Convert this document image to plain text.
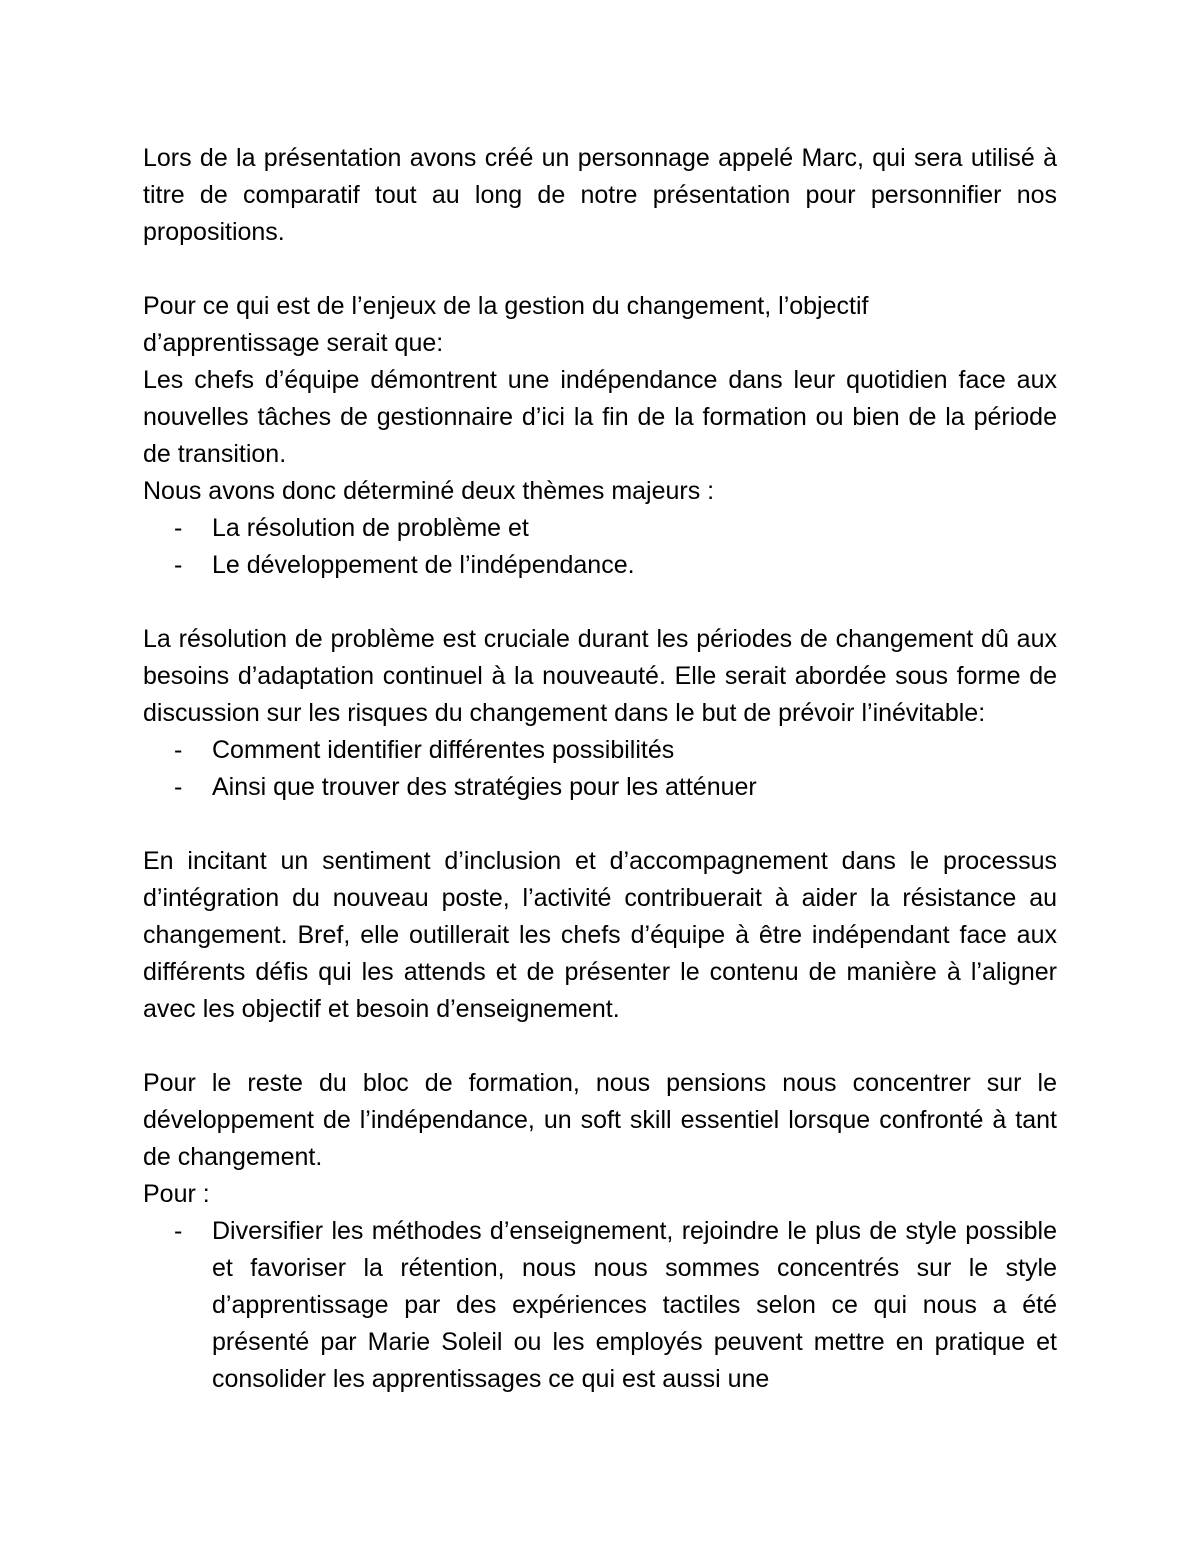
Lors de la présentation avons créé un personnage appelé Marc, qui sera utilisé à titre de comparatif tout au long de notre présentation pour personnifier nos propositions.

Pour ce qui est de l’enjeux de la gestion du changement, l’objectif

d’apprentissage serait que:

Les chefs d’équipe démontrent une indépendance dans leur quotidien face aux nouvelles tâches de gestionnaire d’ici la fin de la formation ou bien de la période de transition.

Nous avons donc déterminé deux thèmes majeurs :

- La résolution de problème et
- Le développement de l’indépendance.

La résolution de problème est cruciale durant les périodes de changement dû aux besoins d’adaptation continuel à la nouveauté. Elle serait abordée sous forme de discussion sur les risques du changement dans le but de prévoir l’inévitable:

- Comment identifier différentes possibilités
- Ainsi que trouver des stratégies pour les atténuer

En incitant un sentiment d’inclusion et d’accompagnement dans le processus d’intégration du nouveau poste, l’activité contribuerait à aider la résistance au changement. Bref, elle outillerait les chefs d’équipe à être indépendant face aux différents défis qui les attends et de présenter le contenu de manière à l’aligner avec les objectif et besoin d’enseignement.

Pour le reste du bloc de formation, nous pensions nous concentrer sur le développement de l’indépendance, un soft skill essentiel lorsque confronté à tant de changement.

Pour :

- Diversifier les méthodes d’enseignement, rejoindre le plus de style possible et favoriser la rétention, nous nous sommes concentrés sur le style d’apprentissage par des expériences tactiles selon ce qui nous a été présenté par Marie Soleil ou les employés peuvent mettre en pratique et consolider les apprentissages ce qui est aussi une
